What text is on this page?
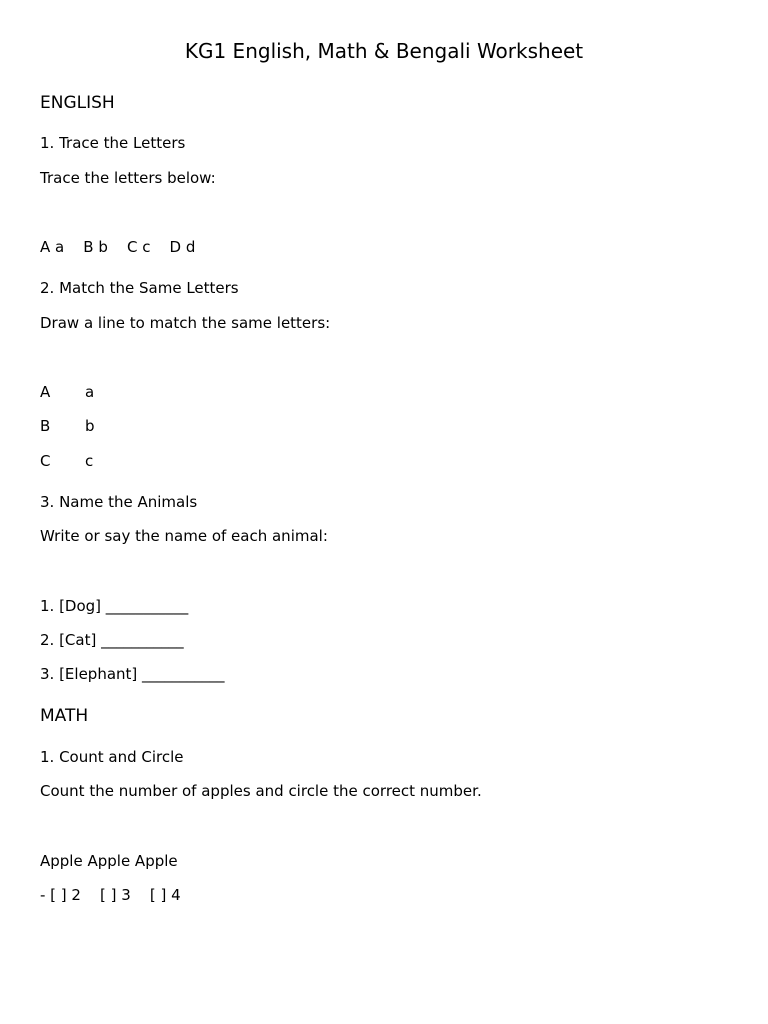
KG1 English, Math & Bengali Worksheet
ENGLISH

1. Trace the Letters

Trace the letters below:

A a    B b    C c    D d

2. Match the Same Letters

Draw a line to match the same letters:

A a
B b
C c

3. Name the Animals

Write or say the name of each animal:

1. [Dog] ___________

2. [Cat] ___________

3. [Elephant] ___________

MATH

1. Count and Circle

Count the number of apples and circle the correct number.

Apple Apple Apple

- [ ] 2    [ ] 3    [ ] 4
